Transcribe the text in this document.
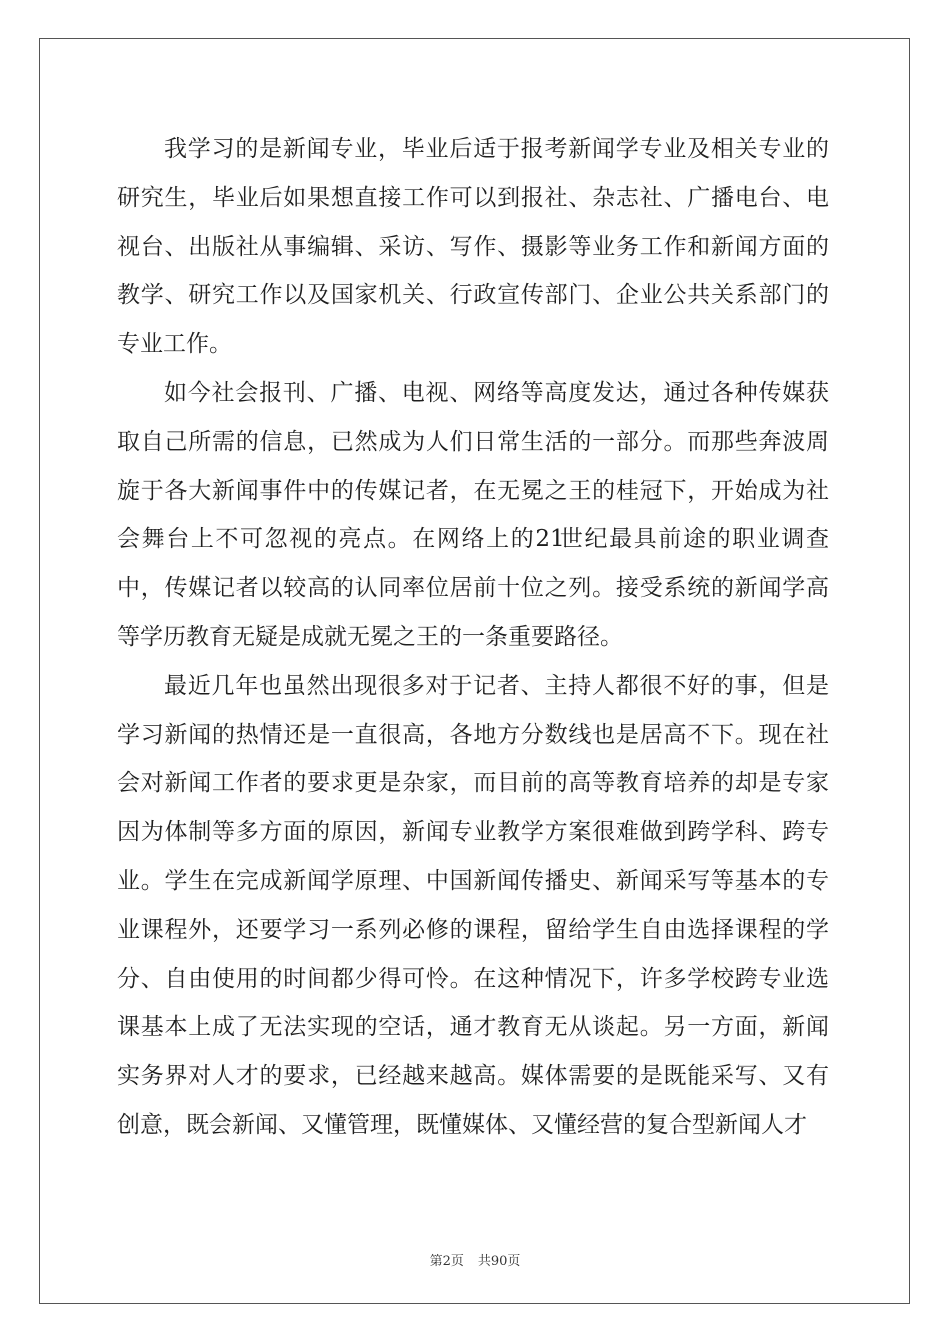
我 学 习 的 是 新 闻 专 业 ， 毕 业 后 适 于 报 考 新 闻 学 专 业 及 相 关 专 业 的
研 究 生 ， 毕 业 后 如 果 想 直 接 工 作 可 以 到 报 社 、 杂 志 社 、 广 播 电 台 、 电
视 台 、 出 版 社 从 事 编 辑 、 采 访 、 写 作 、 摄 影 等 业 务 工 作 和 新 闻 方 面 的
教 学 、 研 究 工 作 以 及 国 家 机 关 、 行 政 宣 传 部 门 、 企 业 公 共 关 系 部 门 的
专 业 工 作 。
如 今 社 会 报 刊 、 广 播 、 电 视 、 网 络 等 高 度 发 达 ， 通 过 各 种 传 媒 获
取 自 己 所 需 的 信 息 ， 已 然 成 为 人 们 日 常 生 活 的 一 部 分 。 而 那 些 奔 波 周
旋 于 各 大 新 闻 事 件 中 的 传 媒 记 者 ， 在 无 冕 之 王 的 桂 冠 下 ， 开 始 成 为 社
会 舞 台 上 不 可 忽 视 的 亮 点 。 在 网 络 上 的 21
世 纪 最 具 前 途 的 职 业 调 查
中 ， 传 媒 记 者 以 较 高 的 认 同 率 位 居 前 十 位 之 列 。 接 受 系 统 的 新 闻 学 高
等 学 历 教 育 无 疑 是 成 就 无 冕 之 王 的 一 条 重 要 路 径 。
最 近 几 年 也 虽 然 出 现 很 多 对 于 记 者 、 主 持 人 都 很 不 好 的 事 ， 但 是
学 习 新 闻 的 热 情 还 是 一 直 很 高 ， 各 地 方 分 数 线 也 是 居 高 不 下 。 现 在 社
会 对 新 闻 工 作 者 的 要 求 更 是 杂 家 ， 而 目 前 的 高 等 教 育 培 养 的 却 是 专 家
因 为 体 制 等 多 方 面 的 原 因 ， 新 闻 专 业 教 学 方 案 很 难 做 到 跨 学 科 、 跨 专
业 。 学 生 在 完 成 新 闻 学 原 理 、 中 国 新 闻 传 播 史 、 新 闻 采 写 等 基 本 的 专
业 课 程 外 ， 还 要 学 习 一 系 列 必 修 的 课 程 ， 留 给 学 生 自 由 选 择 课 程 的 学
分 、 自 由 使 用 的 时 间 都 少 得 可 怜 。 在 这 种 情 况 下 ， 许 多 学 校 跨 专 业 选
课 基 本 上 成 了 无 法 实 现 的 空 话 ， 通 才 教 育 无 从 谈 起 。 另 一 方 面 ， 新 闻
实 务 界 对 人 才 的 要 求 ， 已 经 越 来 越 高 。 媒 体 需 要 的 是 既 能 采 写 、 又 有
创 意 ， 既 会 新 闻 、 又 懂 管 理 ， 既 懂 媒 体 、 又 懂 经 营 的 复 合 型 新 闻 人 才
第2页 共90页
